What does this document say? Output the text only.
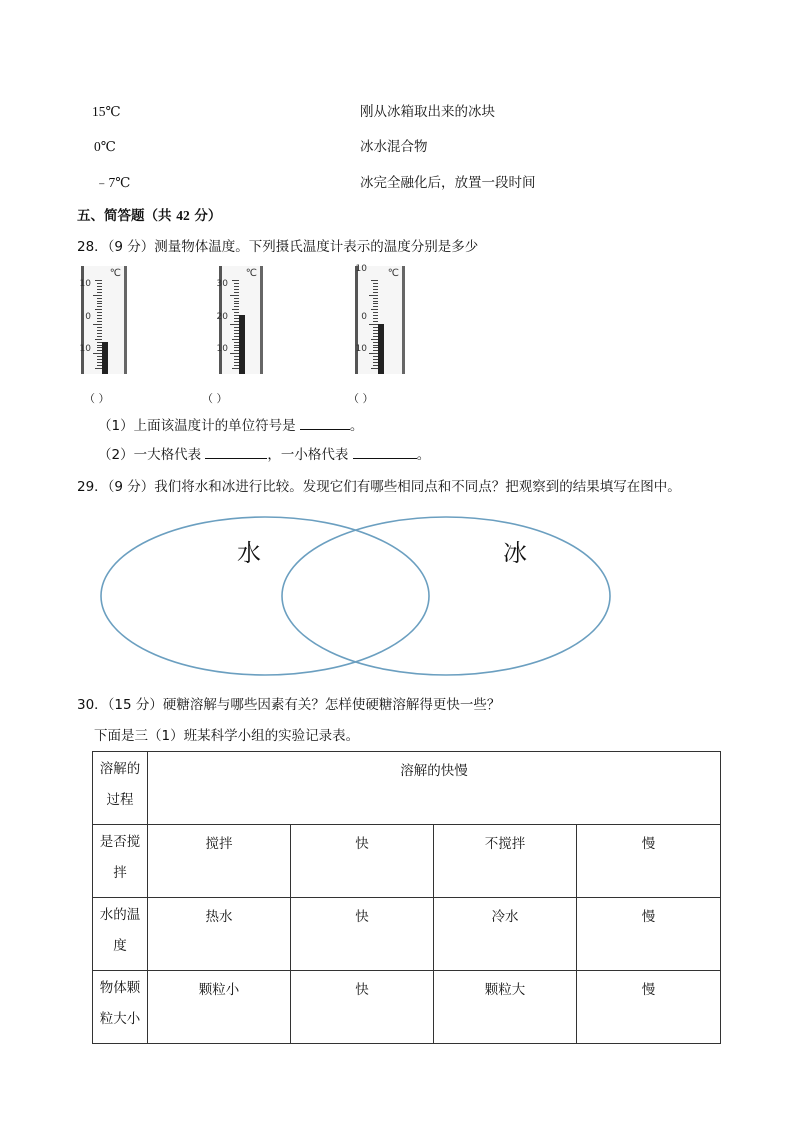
15℃	刚从冰箱取出来的冰块
0℃	冰水混合物
﹣7℃	冰完全融化后，放置一段时间
五、简答题（共 42 分）
28．（9 分）测量物体温度。下列摄氏温度计表示的温度分别是多少
℃
10
0
10
℃
30
20
10
℃
10
0
10
（ ）	（ ）	（ ）
（1）上面该温度计的单位符号是	。
（2）一大格代表	，一小格代表	。
29．（9 分）我们将水和冰进行比较。发现它们有哪些相同点和不同点？把观察到的结果填写在图中。
水	冰
30．（15 分）硬糖溶解与哪些因素有关？怎样使硬糖溶解得更快一些？
下面是三（1）班某科学小组的实验记录表。
溶解的
过程	溶解的快慢			

是否搅
拌	搅拌	快	不搅拌	慢

水的温
度	热水	快	冷水	慢

物体颗
粒大小	颗粒小	快	颗粒大	慢
